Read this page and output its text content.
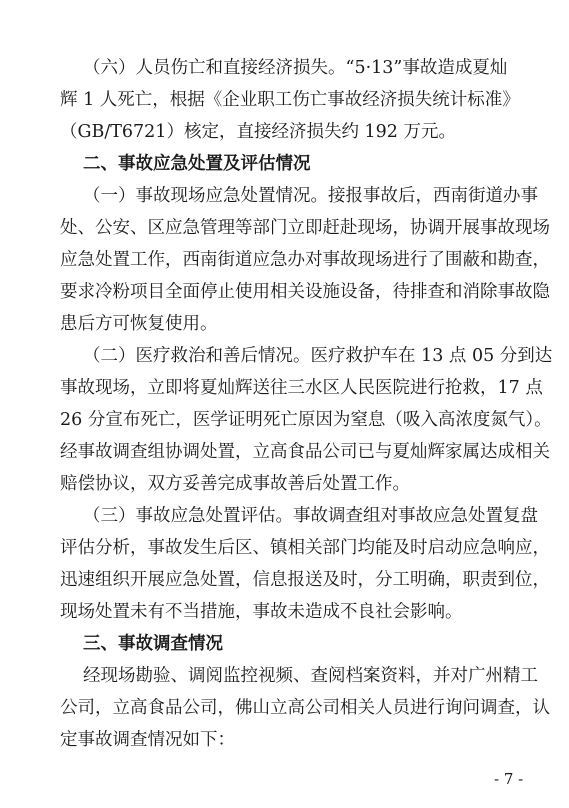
（六）人员伤亡和直接经济损失。“5·13”事故造成夏灿
辉 1 人死亡，根据《企业职工伤亡事故经济损失统计标准》
（GB/T6721）核定，直接经济损失约 192 万元。
二、事故应急处置及评估情况
（一）事故现场应急处置情况。接报事故后，西南街道办事
处、公安、区应急管理等部门立即赶赴现场，协调开展事故现场
应急处置工作，西南街道应急办对事故现场进行了围蔽和勘查，
要求冷粉项目全面停止使用相关设施设备，待排查和消除事故隐
患后方可恢复使用。
（二）医疗救治和善后情况。医疗救护车在 13 点 05 分到达
事故现场，立即将夏灿辉送往三水区人民医院进行抢救，17 点
26 分宣布死亡，医学证明死亡原因为窒息（吸入高浓度氮气）。
经事故调查组协调处置，立高食品公司已与夏灿辉家属达成相关
赔偿协议，双方妥善完成事故善后处置工作。
（三）事故应急处置评估。事故调查组对事故应急处置复盘
评估分析，事故发生后区、镇相关部门均能及时启动应急响应，
迅速组织开展应急处置，信息报送及时，分工明确，职责到位，
现场处置未有不当措施，事故未造成不良社会影响。
三、事故调查情况
经现场勘验、调阅监控视频、查阅档案资料，并对广州精工
公司，立高食品公司，佛山立高公司相关人员进行询问调查，认
定事故调查情况如下：
- 7 -
